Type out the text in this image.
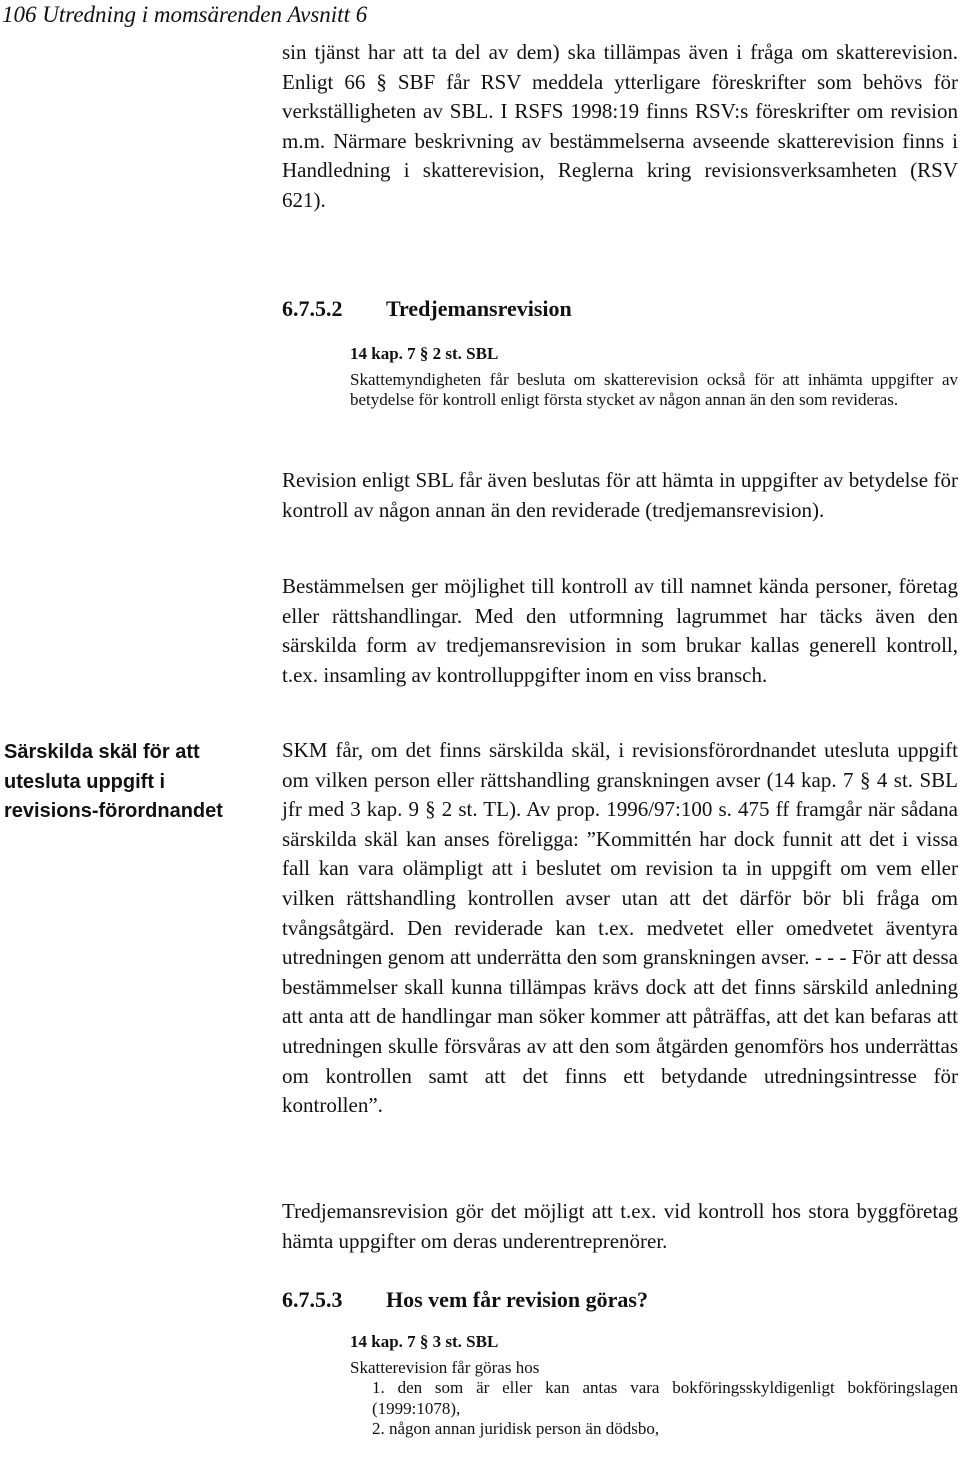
106 Utredning i momsärenden Avsnitt 6

sin tjänst har att ta del av dem) ska tillämpas även i fråga om skatterevision. Enligt 66 § SBF får RSV meddela ytterligare föreskrifter som behövs för verkställigheten av SBL. I RSFS 1998:19 finns RSV:s föreskrifter om revision m.m. Närmare beskrivning av bestämmelserna avseende skatterevision finns i Handledning i skatterevision, Reglerna kring revisionsverksamheten (RSV 621).

6.7.5.2 Tredjemansrevision
14 kap. 7 § 2 st. SBL

Skattemyndigheten får besluta om skatterevision också för att inhämta uppgifter av betydelse för kontroll enligt första stycket av någon annan än den som revideras.

Revision enligt SBL får även beslutas för att hämta in uppgifter av betydelse för kontroll av någon annan än den reviderade (tredjemansrevision).

Bestämmelsen ger möjlighet till kontroll av till namnet kända personer, företag eller rättshandlingar. Med den utformning lagrummet har täcks även den särskilda form av tredjemansrevision in som brukar kallas generell kontroll, t.ex. insamling av kontrolluppgifter inom en viss bransch.

Särskilda skäl för att utesluta uppgift i revisions-förordnandet

SKM får, om det finns särskilda skäl, i revisionsförordnandet utesluta uppgift om vilken person eller rättshandling granskningen avser (14 kap. 7 § 4 st. SBL jfr med 3 kap. 9 § 2 st. TL). Av prop. 1996/97:100 s. 475 ff framgår när sådana särskilda skäl kan anses föreligga: ”Kommittén har dock funnit att det i vissa fall kan vara olämpligt att i beslutet om revision ta in uppgift om vem eller vilken rättshandling kontrollen avser utan att det därför bör bli fråga om tvångsåtgärd. Den reviderade kan t.ex. medvetet eller omedvetet äventyra utredningen genom att underrätta den som granskningen avser. - - - För att dessa bestämmelser skall kunna tillämpas krävs dock att det finns särskild anledning att anta att de handlingar man söker kommer att påträffas, att det kan befaras att utredningen skulle försvåras av att den som åtgärden genomförs hos underrättas om kontrollen samt att det finns ett betydande utredningsintresse för kontrollen”.

Tredjemansrevision gör det möjligt att t.ex. vid kontroll hos stora byggföretag hämta uppgifter om deras underentreprenörer.

6.7.5.3 Hos vem får revision göras?
14 kap. 7 § 3 st. SBL

Skatterevision får göras hos

1. den som är eller kan antas vara bokföringsskyldigenligt bokföringslagen (1999:1078),
2. någon annan juridisk person än dödsbo,
